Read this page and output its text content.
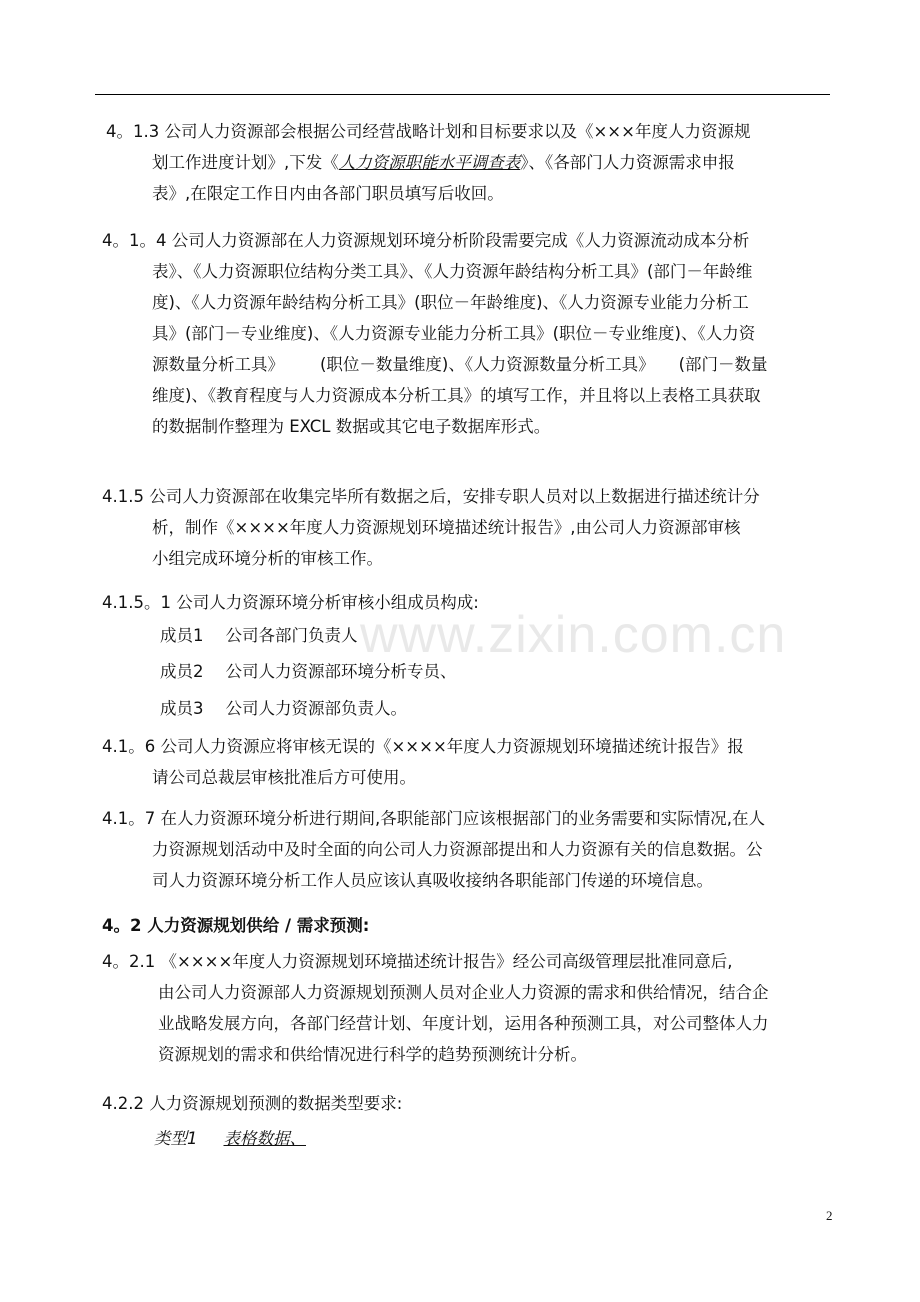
www.zixin.com.cn
4。1.3 公司人力资源部会根据公司经营战略计划和目标要求以及《×××年度人力资源规
划工作进度计划》,下发《人力资源职能水平调查表》、《各部门人力资源需求申报
表》,在限定工作日内由各部门职员填写后收回。
4。1。4 公司人力资源部在人力资源规划环境分析阶段需要完成《人力资源流动成本分析
表》、《人力资源职位结构分类工具》、《人力资源年龄结构分析工具》(部门－年龄维
度)、《人力资源年龄结构分析工具》(职位－年龄维度)、《人力资源专业能力分析工
具》(部门－专业维度)、《人力资源专业能力分析工具》(职位－专业维度)、《人力资
源数量分析工具》 (职位－数量维度)、《人力资源数量分析工具》 (部门－数量
维度)、《教育程度与人力资源成本分析工具》的填写工作，并且将以上表格工具获取
的数据制作整理为 EXCL 数据或其它电子数据库形式。
4.1.5 公司人力资源部在收集完毕所有数据之后，安排专职人员对以上数据进行描述统计分
析，制作《××××年度人力资源规划环境描述统计报告》,由公司人力资源部审核
小组完成环境分析的审核工作。
4.1.5。1 公司人力资源环境分析审核小组成员构成:
成员1 公司各部门负责人
成员2 公司人力资源部环境分析专员、
成员3 公司人力资源部负责人。
4.1。6 公司人力资源应将审核无误的《××××年度人力资源规划环境描述统计报告》报
请公司总裁层审核批准后方可使用。
4.1。7 在人力资源环境分析进行期间,各职能部门应该根据部门的业务需要和实际情况,在人
力资源规划活动中及时全面的向公司人力资源部提出和人力资源有关的信息数据。公
司人力资源环境分析工作人员应该认真吸收接纳各职能部门传递的环境信息。
4。2 人力资源规划供给 / 需求预测:
4。2.1 《××××年度人力资源规划环境描述统计报告》经公司高级管理层批准同意后,
由公司人力资源部人力资源规划预测人员对企业人力资源的需求和供给情况，结合企
业战略发展方向，各部门经营计划、年度计划，运用各种预测工具，对公司整体人力
资源规划的需求和供给情况进行科学的趋势预测统计分析。
4.2.2 人力资源规划预测的数据类型要求:
类型1 表格数据、
2
